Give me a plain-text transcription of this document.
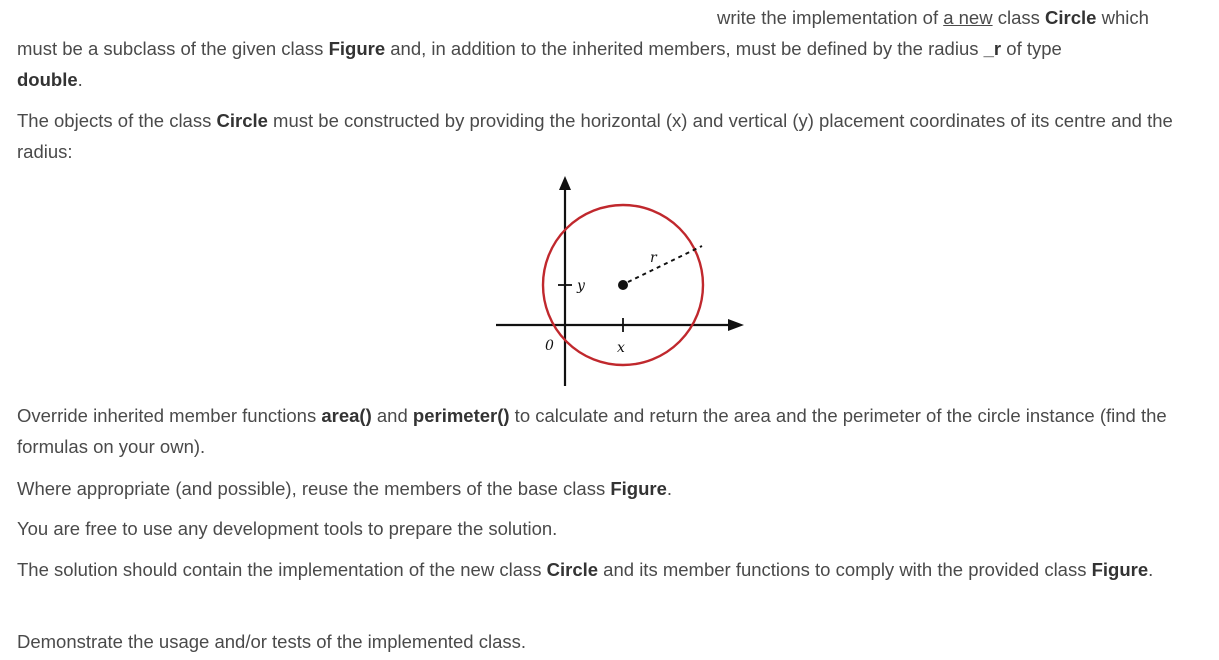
write the implementation of a new class Circle which

must be a subclass of the given class Figure and, in addition to the inherited members, must be defined by the radius _r of type
double.

The objects of the class Circle must be constructed by providing the horizontal (x) and vertical (y) placement coordinates of its centre and the radius:

r
y
x
0

Override inherited member functions area() and perimeter() to calculate and return the area and the perimeter of the circle instance (find the formulas on your own).

Where appropriate (and possible), reuse the members of the base class Figure.

You are free to use any development tools to prepare the solution.

The solution should contain the implementation of the new class Circle and its member functions to comply with the provided class Figure.

Demonstrate the usage and/or tests of the implemented class.
